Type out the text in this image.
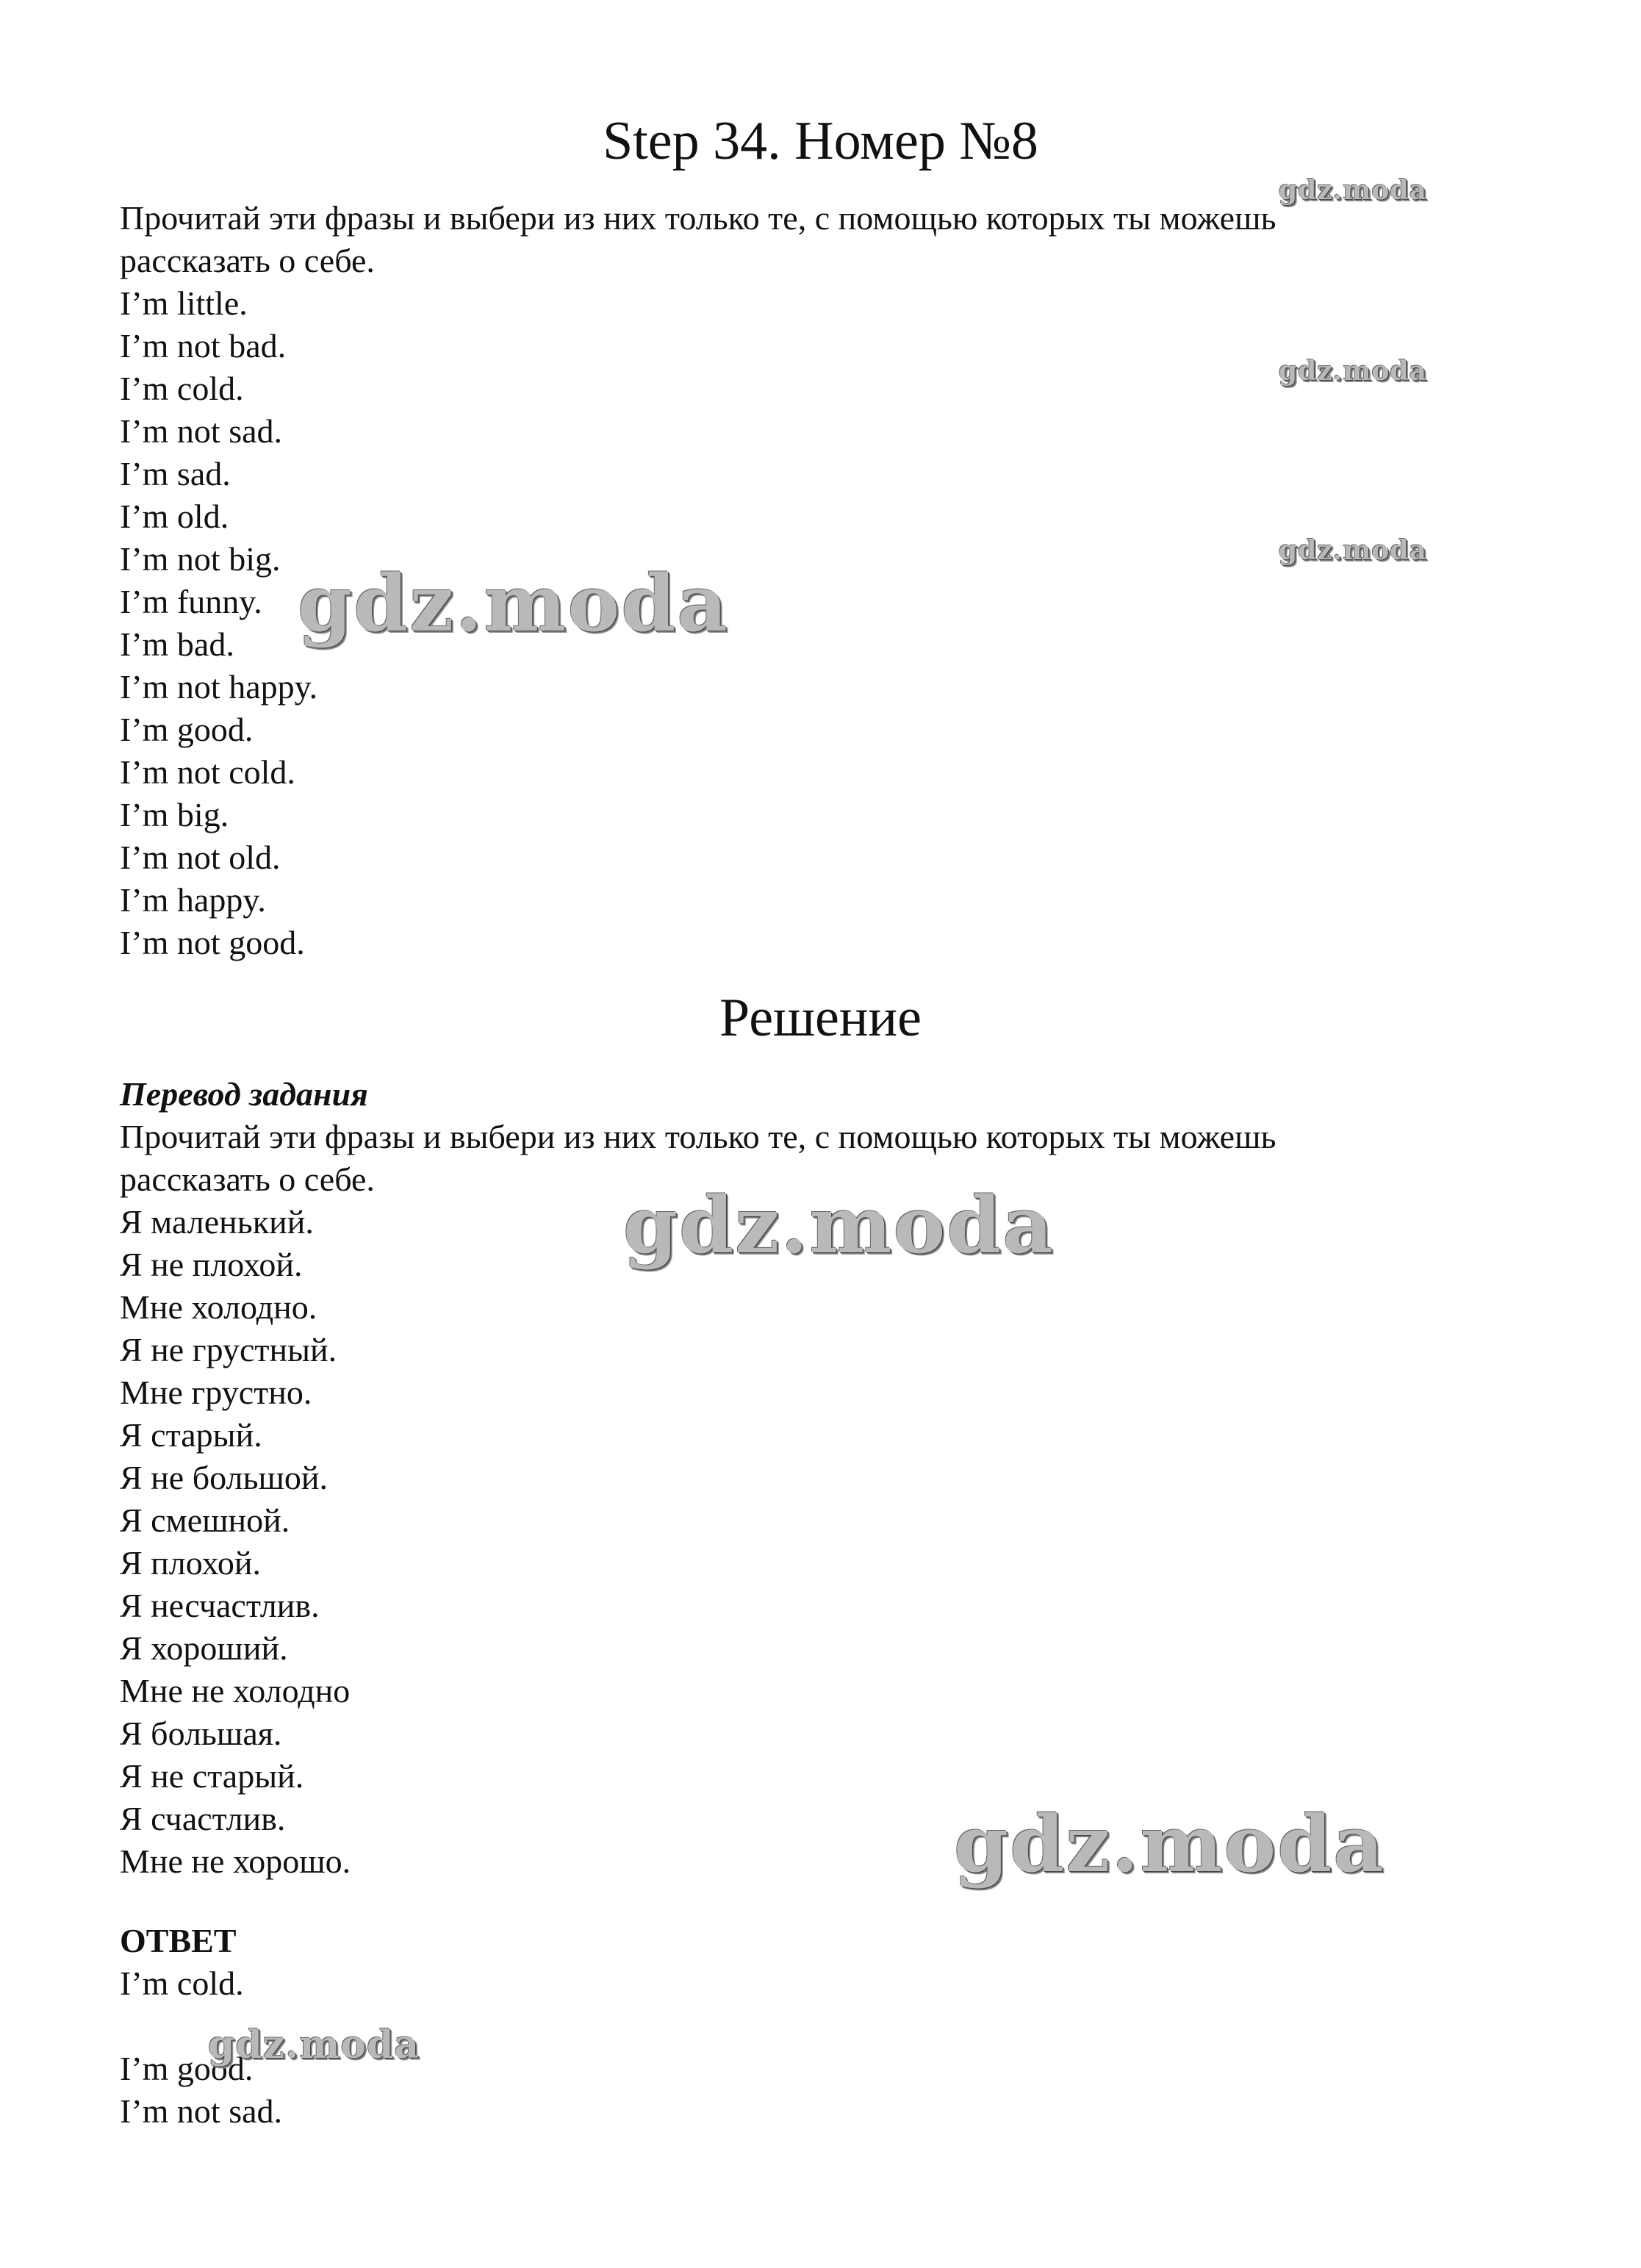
Step 34. Номер №8
Прочитай эти фразы и выбери из них только те, с помощью которых ты можешь
рассказать о себе.
I’m little.
I’m not bad.
I’m cold.
I’m not sad.
I’m sad.
I’m old.
I’m not big.
I’m funny.
I’m bad.
I’m not happy.
I’m good.
I’m not cold.
I’m big.
I’m not old.
I’m happy.
I’m not good.
Решение
Перевод задания
Прочитай эти фразы и выбери из них только те, с помощью которых ты можешь
рассказать о себе.
Я маленький.
Я не плохой.
Мне холодно.
Я не грустный.
Мне грустно.
Я старый.
Я не большой.
Я смешной.
Я плохой.
Я несчастлив.
Я хороший.
Мне не холодно
Я большая.
Я не старый.
Я счастлив.
Мне не хорошо.
ОТВЕТ
I’m cold.
I’m good.
I’m not sad.
gdz.moda
gdz.moda
gdz.moda
gdz.moda
gdz.moda
gdz.moda
gdz.moda
